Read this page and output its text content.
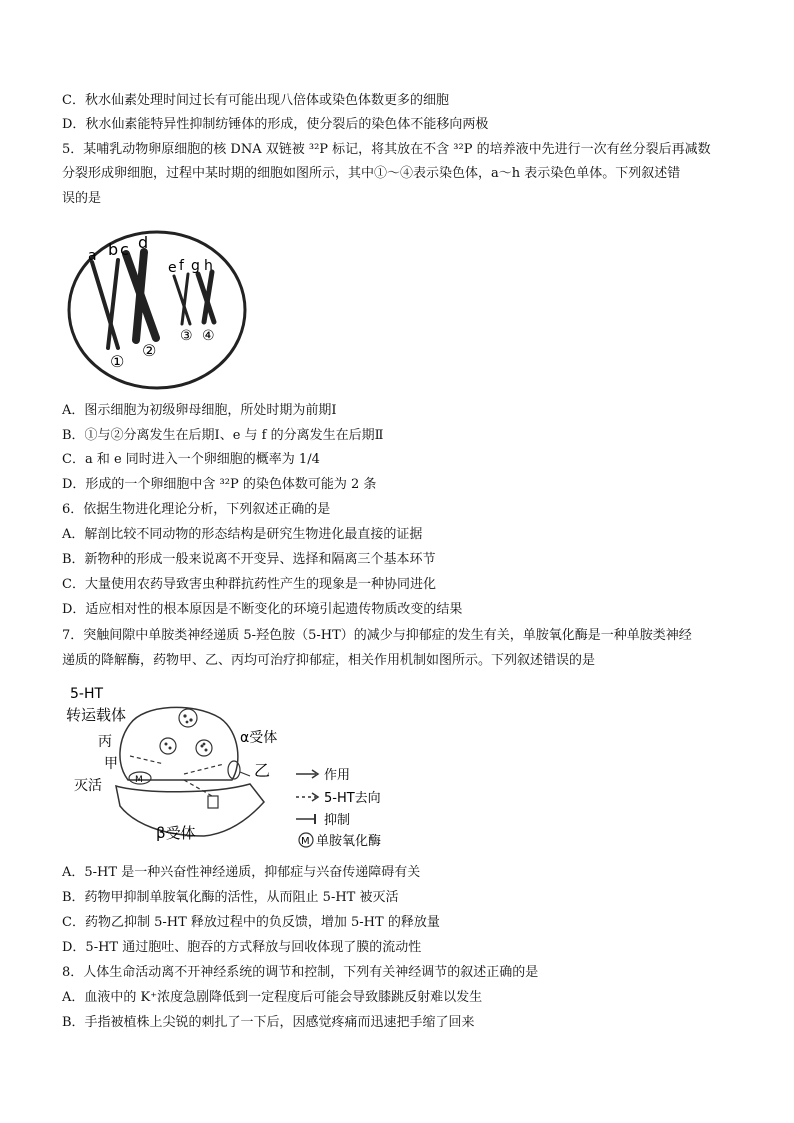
C．秋水仙素处理时间过长有可能出现八倍体或染色体数更多的细胞
D．秋水仙素能特异性抑制纺锤体的形成，使分裂后的染色体不能移向两极
5．某哺乳动物卵原细胞的核 DNA 双链被 ³²P 标记，将其放在不含 ³²P 的培养液中先进行一次有丝分裂后再减数
分裂形成卵细胞，过程中某时期的细胞如图所示，其中①～④表示染色体，a～h 表示染色单体。下列叙述错
误的是
a b c d
e f g h
①
②
③ ④
A．图示细胞为初级卵母细胞，所处时期为前期Ⅰ
B．①与②分离发生在后期Ⅰ、e 与 f 的分离发生在后期Ⅱ
C．a 和 e 同时进入一个卵细胞的概率为 1/4
D．形成的一个卵细胞中含 ³²P 的染色体数可能为 2 条
6．依据生物进化理论分析，下列叙述正确的是
A．解剖比较不同动物的形态结构是研究生物进化最直接的证据
B．新物种的形成一般来说离不开变异、选择和隔离三个基本环节
C．大量使用农药导致害虫种群抗药性产生的现象是一种协同进化
D．适应相对性的根本原因是不断变化的环境引起遗传物质改变的结果
7．突触间隙中单胺类神经递质 5-羟色胺（5-HT）的减少与抑郁症的发生有关，单胺氧化酶是一种单胺类神经
递质的降解酶，药物甲、乙、丙均可治疗抑郁症，相关作用机制如图所示。下列叙述错误的是
M
5-HT
转运载体
丙
甲
灭活
乙
α受体
β受体
作用
5-HT去向
抑制
M 单胺氧化酶
A．5-HT 是一种兴奋性神经递质，抑郁症与兴奋传递障碍有关
B．药物甲抑制单胺氧化酶的活性，从而阻止 5-HT 被灭活
C．药物乙抑制 5-HT 释放过程中的负反馈，增加 5-HT 的释放量
D．5-HT 通过胞吐、胞吞的方式释放与回收体现了膜的流动性
8．人体生命活动离不开神经系统的调节和控制，下列有关神经调节的叙述正确的是
A．血液中的 K⁺浓度急剧降低到一定程度后可能会导致膝跳反射难以发生
B．手指被植株上尖锐的刺扎了一下后，因感觉疼痛而迅速把手缩了回来
